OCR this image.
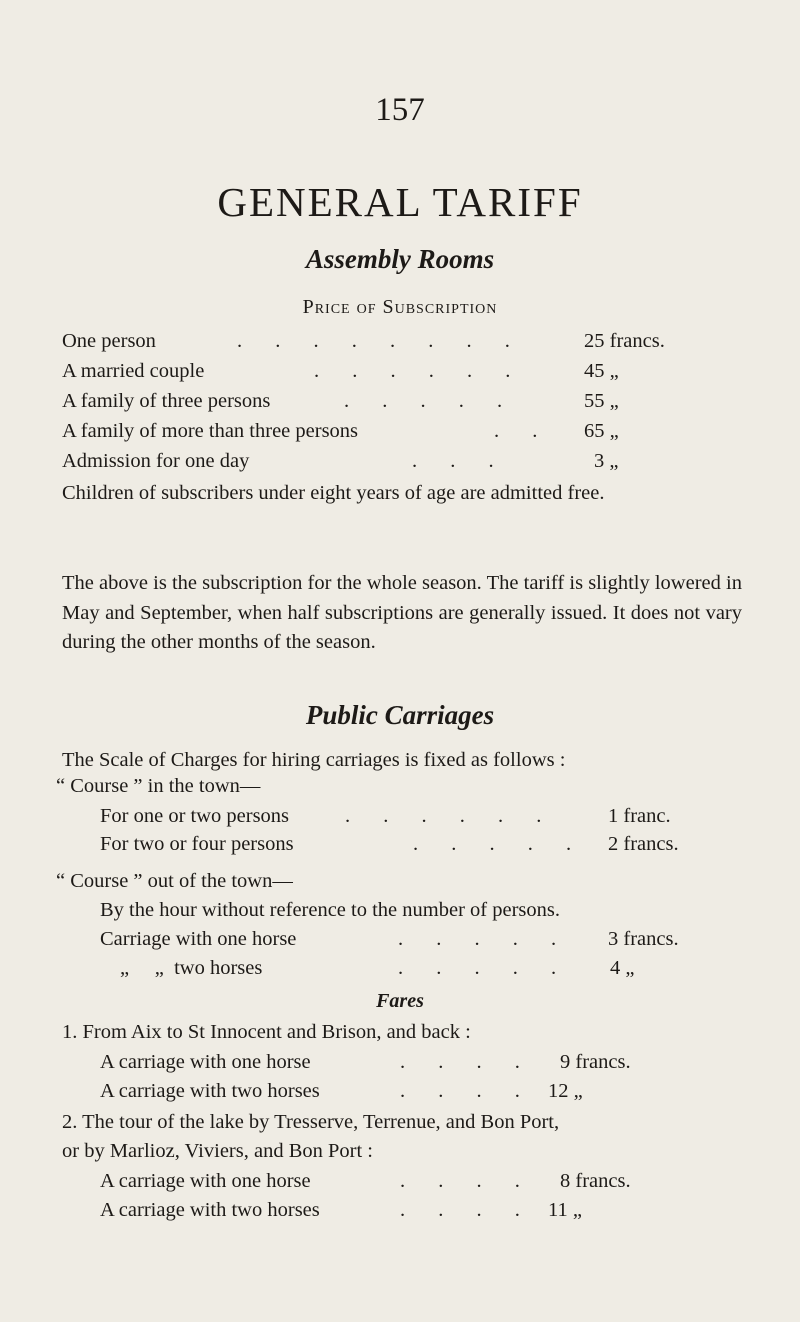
157
GENERAL TARIFF
Assembly Rooms
Price of Subscription
One person	. . . . . . . .	25 francs.
A married couple	. . . . . .	45 „
A family of three persons	. . . . .	55 „
A family of more than three persons	. . 65 „
Admission for one day	. . .	3 „
Children of subscribers under eight years of age are admitted free.
The above is the subscription for the whole season. The tariff is slightly lowered in May and September, when half subscriptions are generally issued. It does not vary during the other months of the season.
Public Carriages
The Scale of Charges for hiring carriages is fixed as follows :
“ Course ” in the town—
For one or two persons	. . . . . .	1 franc.
For two or four persons	. . . . . 2 francs.
“ Course ” out of the town—
By the hour without reference to the number of persons.
Carriage with one horse	. . . . . 3 francs.
„     „  two horses	. . . . . 4 „
Fares
1. From Aix to St Innocent and Brison, and back :
A carriage with one horse	. . . . 9 francs.
A carriage with two horses	. . . . 12 „
2. The tour of the lake by Tresserve, Terrenue, and Bon Port,
or by Marlioz, Viviers, and Bon Port :
A carriage with one horse	. . . . 8 francs.
A carriage with two horses	. . . . 11 „
